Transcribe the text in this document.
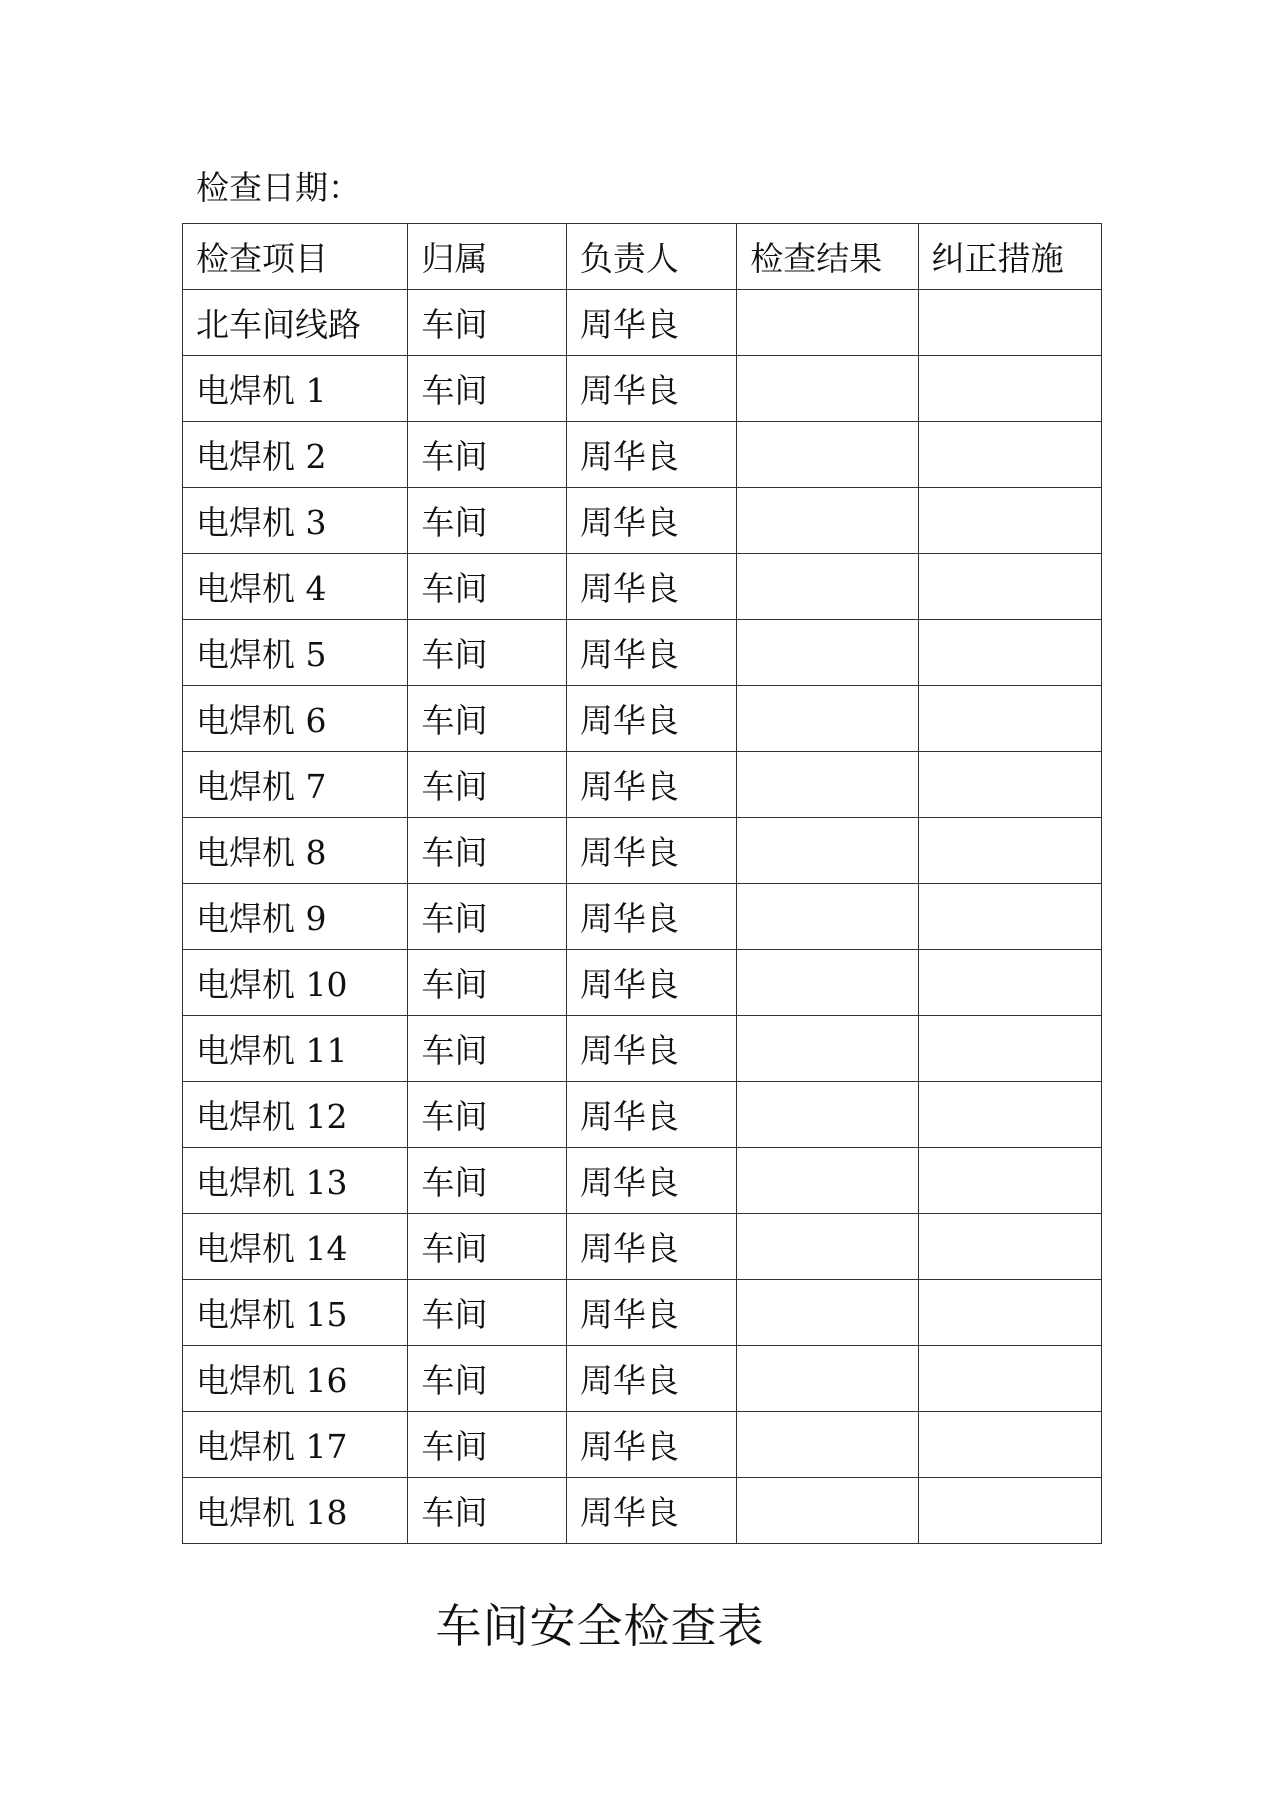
检查日期：
检查项目	归属	负责人	检查结果	纠正措施
北车间线路	车间	周华良		
电焊机 1	车间	周华良		
电焊机 2	车间	周华良		
电焊机 3	车间	周华良		
电焊机 4	车间	周华良		
电焊机 5	车间	周华良		
电焊机 6	车间	周华良		
电焊机 7	车间	周华良		
电焊机 8	车间	周华良		
电焊机 9	车间	周华良		
电焊机 10	车间	周华良		
电焊机 11	车间	周华良		
电焊机 12	车间	周华良		
电焊机 13	车间	周华良		
电焊机 14	车间	周华良		
电焊机 15	车间	周华良		
电焊机 16	车间	周华良		
电焊机 17	车间	周华良		
电焊机 18	车间	周华良		
车间安全检查表
